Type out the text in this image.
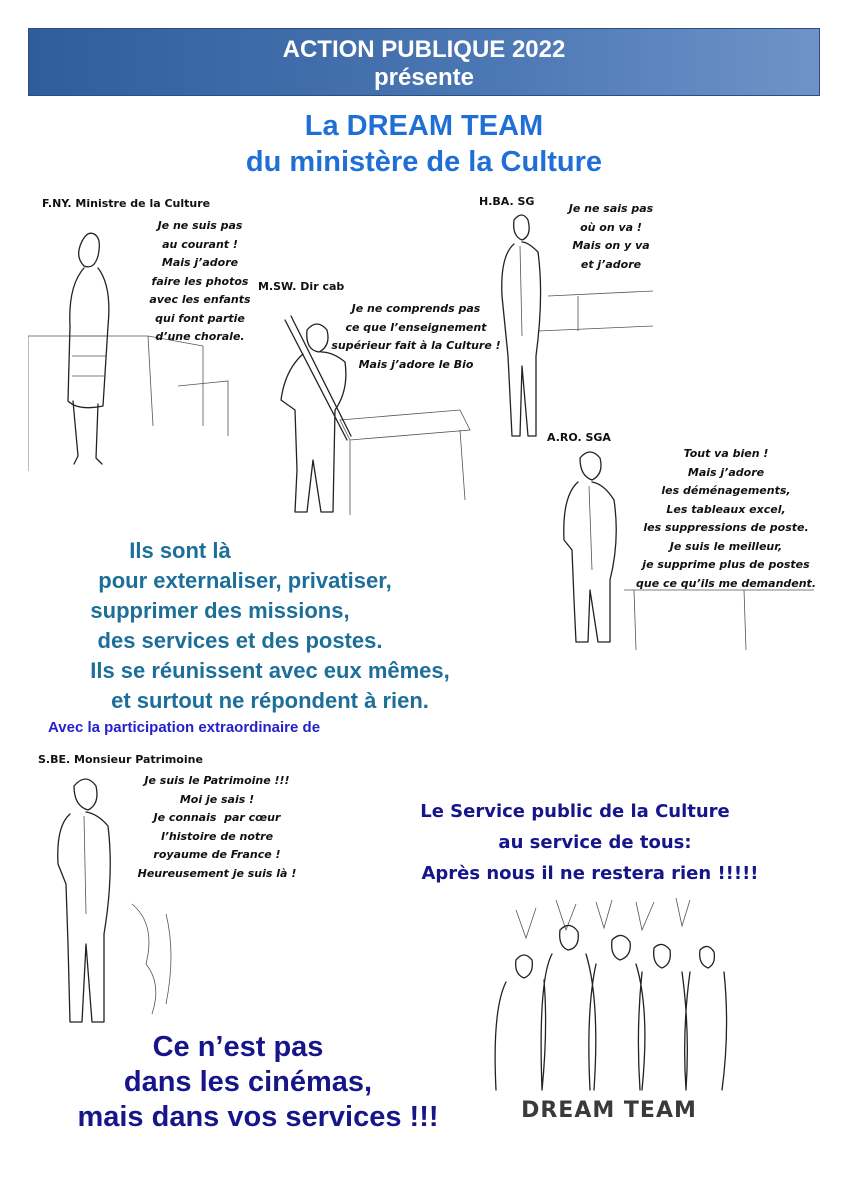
ACTION PUBLIQUE 2022
présente
La DREAM TEAM
du ministère de la Culture
F.NY. Ministre de la Culture
Je ne suis pas
au courant !
Mais j’adore
faire les photos
avec les enfants
qui font partie
d’une chorale.
M.SW. Dir cab
Je ne comprends pas
ce que l’enseignement
supérieur fait à la Culture !
Mais j’adore le Bio
H.BA. SG
Je ne sais pas
où on va !
Mais on y va
et j’adore
A.RO. SGA
Tout va bien !
Mais j’adore
les déménagements,
Les tableaux excel,
les suppressions de poste.
Je suis le meilleur,
je supprime plus de postes
que ce qu’ils me demandent.
Ils sont là
pour externaliser, privatiser,
supprimer des missions,
des services et des postes.
Ils se réunissent avec eux mêmes,
et surtout ne répondent à rien.
Avec la participation extraordinaire de
S.BE. Monsieur Patrimoine
Je suis le Patrimoine !!!
Moi je sais !
Je connais  par cœur
l’histoire de notre
royaume de France !
Heureusement je suis là !
Le Service public de la Culture
au service de tous:
Après nous il ne restera rien !!!!!
DREAM TEAM
Ce n’est pas
dans les cinémas,
mais dans vos services !!!
